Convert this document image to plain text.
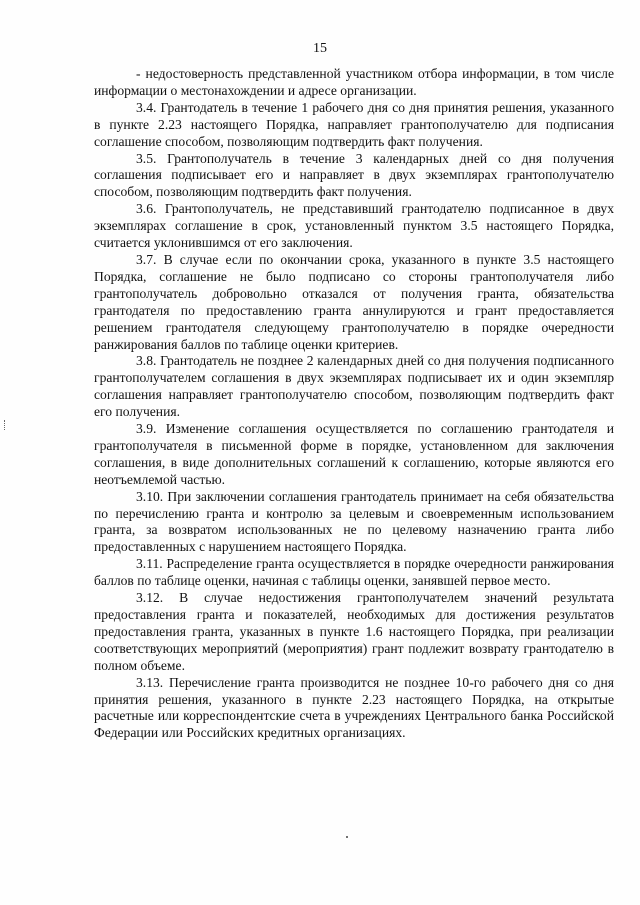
15

- недостоверность представленной участником отбора информации, в том числе информации о местонахождении и адресе организации.

3.4. Грантодатель в течение 1 рабочего дня со дня принятия решения, указанного в пункте 2.23 настоящего Порядка, направляет грантополучателю для подписания соглашение способом, позволяющим подтвердить факт получения.

3.5. Грантополучатель в течение 3 календарных дней со дня получения соглашения подписывает его и направляет в двух экземплярах грантополучателю способом, позволяющим подтвердить факт получения.

3.6. Грантополучатель, не представивший грантодателю подписанное в двух экземплярах соглашение в срок, установленный пунктом 3.5 настоящего Порядка, считается уклонившимся от его заключения.

3.7. В случае если по окончании срока, указанного в пункте 3.5 настоящего Порядка, соглашение не было подписано со стороны грантополучателя либо грантополучатель добровольно отказался от получения гранта, обязательства грантодателя по предоставлению гранта аннулируются и грант предоставляется решением грантодателя следующему грантополучателю в порядке очередности ранжирования баллов по таблице оценки критериев.

3.8. Грантодатель не позднее 2 календарных дней со дня получения подписанного грантополучателем соглашения в двух экземплярах подписывает их и один экземпляр соглашения направляет грантополучателю способом, позволяющим подтвердить факт его получения.

3.9. Изменение соглашения осуществляется по соглашению грантодателя и грантополучателя в письменной форме в порядке, установленном для заключения соглашения, в виде дополнительных соглашений к соглашению, которые являются его неотъемлемой частью.

3.10. При заключении соглашения грантодатель принимает на себя обязательства по перечислению гранта и контролю за целевым и своевременным использованием гранта, за возвратом использованных не по целевому назначению гранта либо предоставленных с нарушением настоящего Порядка.

3.11. Распределение гранта осуществляется в порядке очередности ранжирования баллов по таблице оценки, начиная с таблицы оценки, занявшей первое место.

3.12. В случае недостижения грантополучателем значений результата предоставления гранта и показателей, необходимых для достижения результатов предоставления гранта, указанных в пункте 1.6 настоящего Порядка, при реализации соответствующих мероприятий (мероприятия) грант подлежит возврату грантодателю в полном объеме.

3.13. Перечисление гранта производится не позднее 10-го рабочего дня со дня принятия решения, указанного в пункте 2.23 настоящего Порядка, на открытые расчетные или корреспондентские счета в учреждениях Центрального банка Российской Федерации или Российских кредитных организациях.
